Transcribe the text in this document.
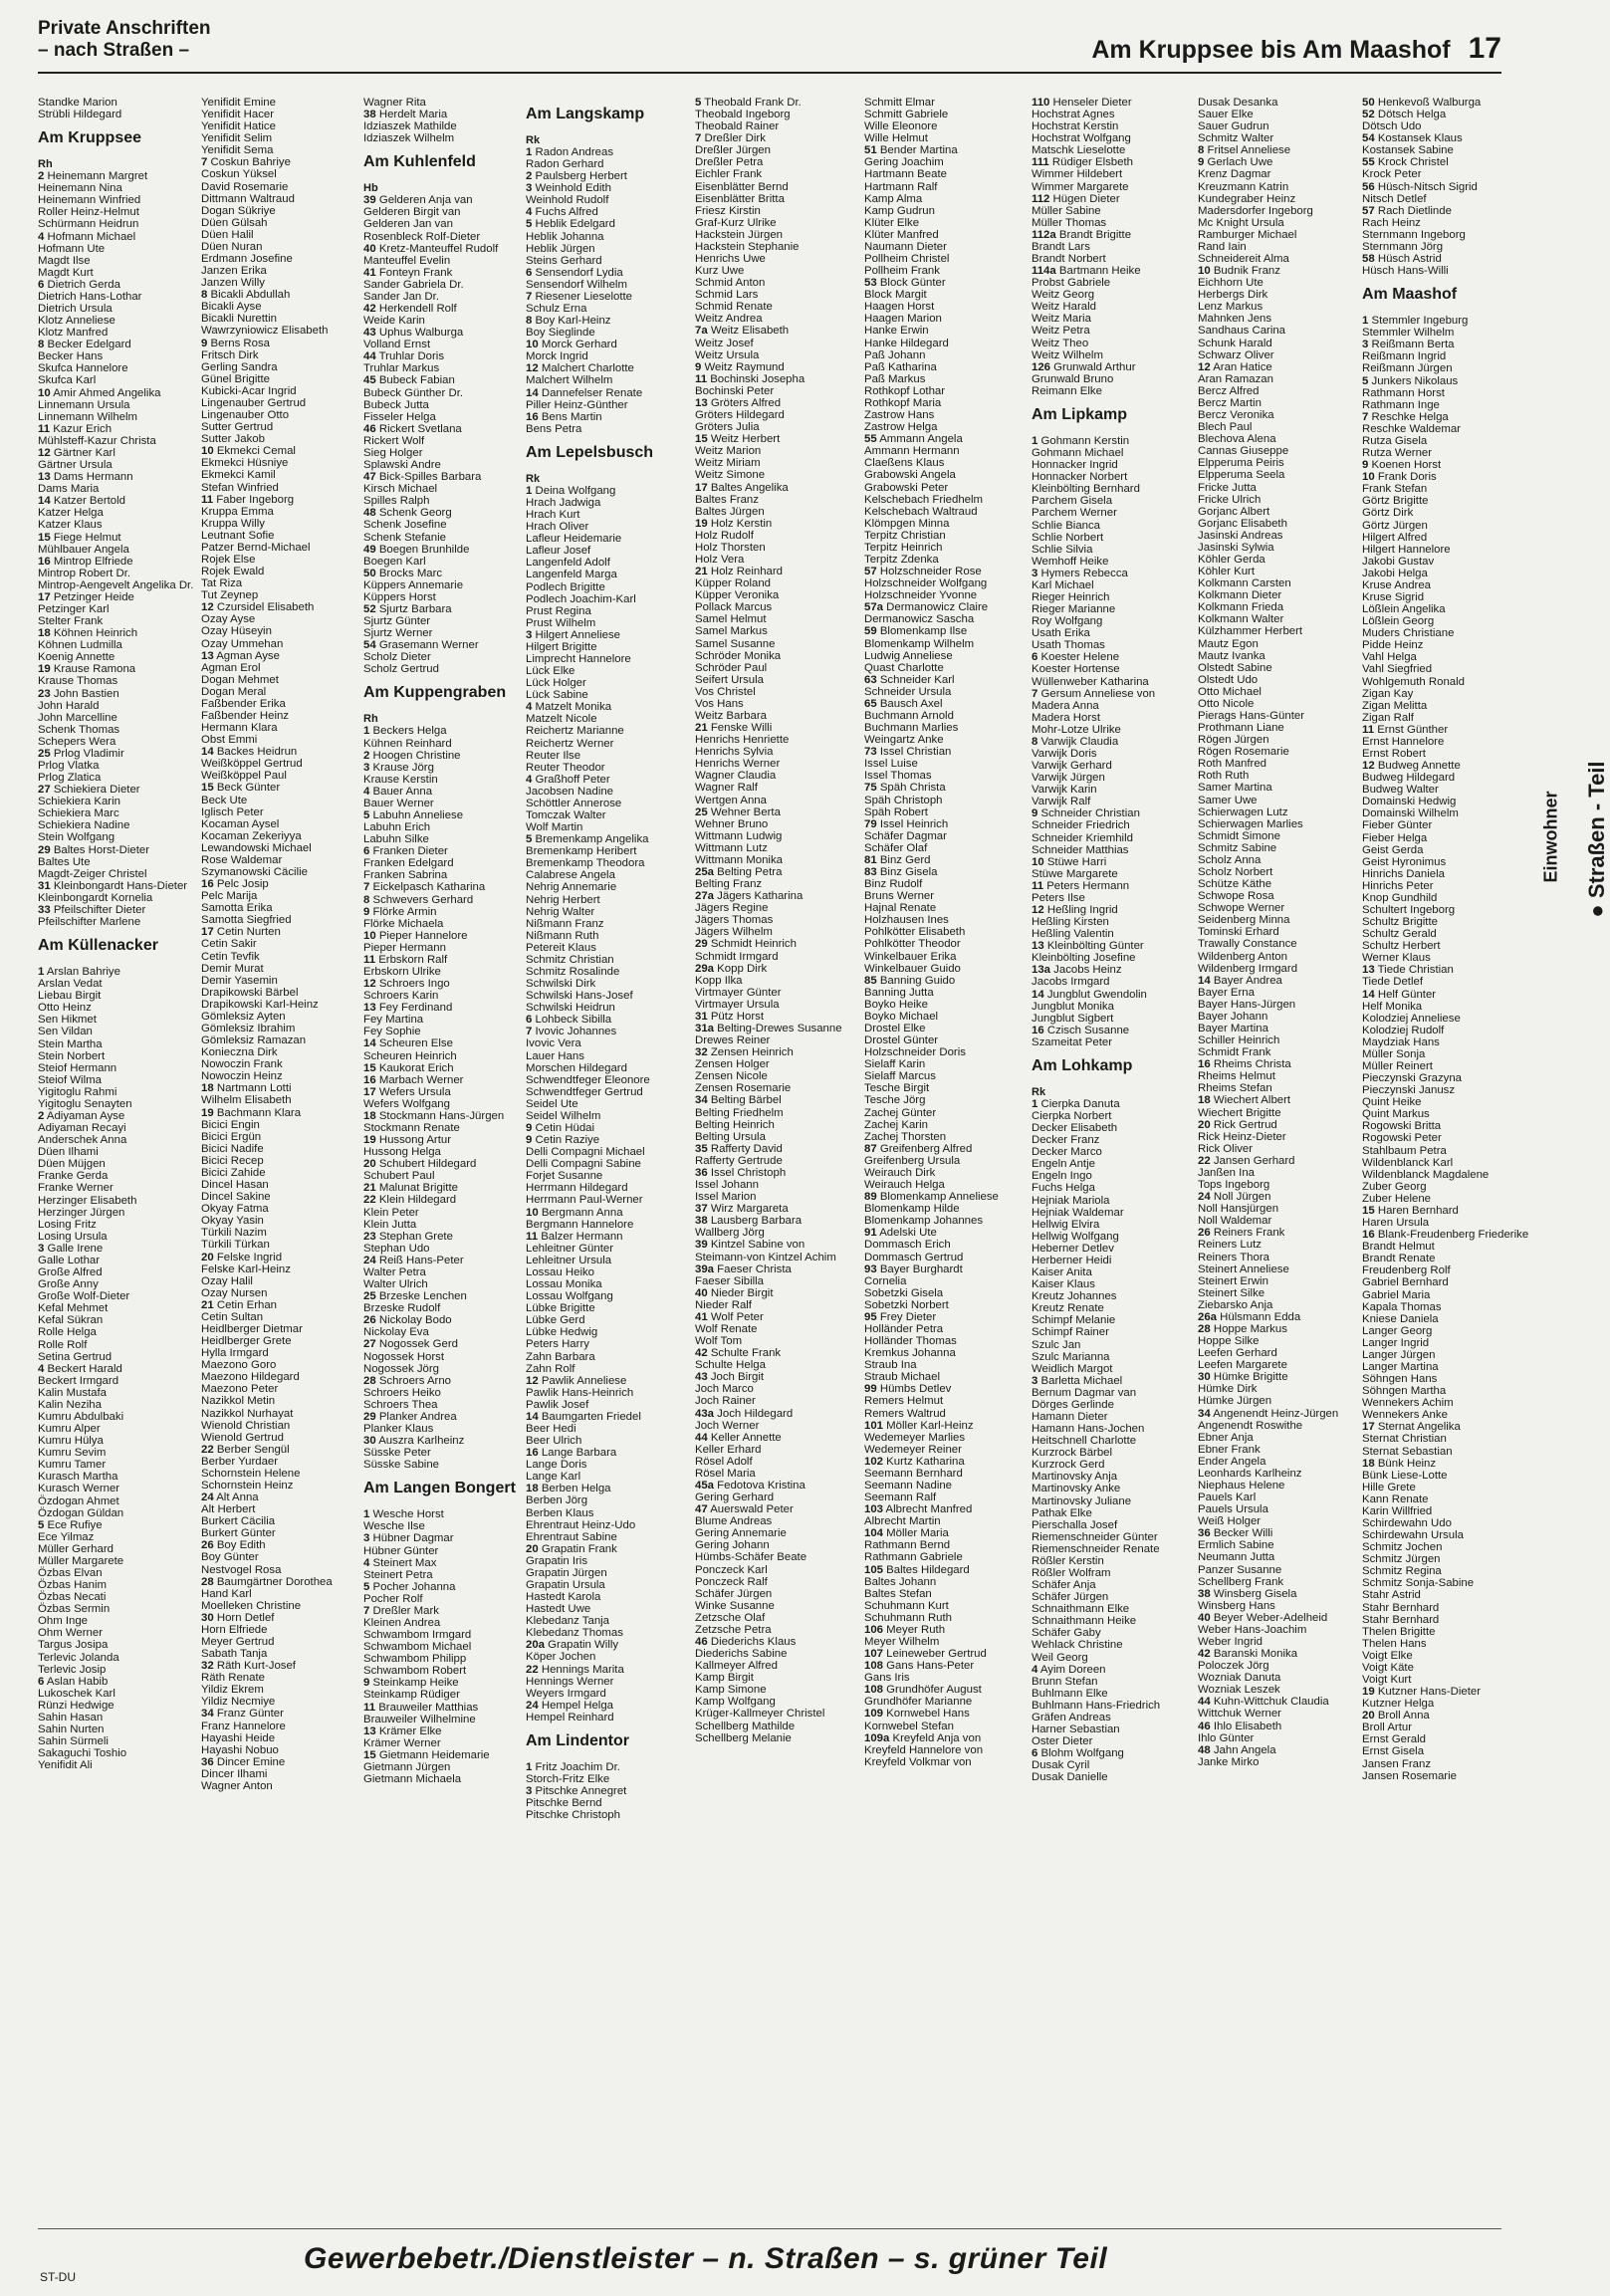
Private Anschriften
– nach Straßen –	Am Kruppsee bis Am Maashof 17
Standke Marion
Strübli Hildegard
Am Kruppsee
Rh
2 Heinemann Margret
Heinemann Nina
Heinemann Winfried
Roller Heinz-Helmut
Schürmann Heidrun
4 Hofmann Michael
Hofmann Ute
Magdt Ilse
Magdt Kurt
6 Dietrich Gerda
Dietrich Hans-Lothar
Dietrich Ursula
Klotz Anneliese
Klotz Manfred
8 Becker Edelgard
Becker Hans
Skufca Hannelore
Skufca Karl
10 Amir Ahmed Angelika
Linnemann Ursula
Linnemann Wilhelm
11 Kazur Erich
Mühlsteff-Kazur Christa
12 Gärtner Karl
Gärtner Ursula
13 Dams Hermann
Dams Maria
14 Katzer Bertold
Katzer Helga
Katzer Klaus
15 Fiege Helmut
Mühlbauer Angela
16 Mintrop Elfriede
Mintrop Robert Dr.
Mintrop-Aengevelt Angelika Dr.
17 Petzinger Heide
Petzinger Karl
Stelter Frank
18 Köhnen Heinrich
Köhnen Ludmilla
Koenig Annette
19 Krause Ramona
Krause Thomas
23 John Bastien
John Harald
John Marcelline
Schenk Thomas
Schepers Wera
25 Prlog Vladimir
Prlog Vlatka
Prlog Zlatica
27 Schiekiera Dieter
Schiekiera Karin
Schiekiera Marc
Schiekiera Nadine
Stein Wolfgang
29 Baltes Horst-Dieter
Baltes Ute
Magdt-Zeiger Christel
31 Kleinbongardt Hans-Dieter
Kleinbongardt Kornelia
33 Pfeilschifter Dieter
Pfeilschifter Marlene
Am Küllenacker
1 Arslan Bahriye
Arslan Vedat
Liebau Birgit
Otto Heinz
Sen Hikmet
Sen Vildan
Stein Martha
Stein Norbert
Steiof Hermann
Steiof Wilma
Yigitoglu Rahmi
Yigitoglu Senayten
2 Adiyaman Ayse
Adiyaman Recayi
Anderschek Anna
Düen Ilhami
Düen Müjgen
Franke Gerda
Franke Werner
Herzinger Elisabeth
Herzinger Jürgen
Losing Fritz
Losing Ursula
3 Galle Irene
Galle Lothar
Große Alfred
Große Anny
Große Wolf-Dieter
Kefal Mehmet
Kefal Sükran
Rolle Helga
Rolle Rolf
Setina Gertrud
4 Beckert Harald
Beckert Irmgard
Kalin Mustafa
Kalin Neziha
Kumru Abdulbaki
Kumru Alper
Kumru Hülya
Kumru Sevim
Kumru Tamer
Kurasch Martha
Kurasch Werner
Özdogan Ahmet
Özdogan Güldan
5 Ece Rufiye
Ece Yilmaz
Müller Gerhard
Müller Margarete
Özbas Elvan
Özbas Hanim
Özbas Necati
Özbas Sermin
Ohm Inge
Ohm Werner
Targus Josipa
Terlevic Jolanda
Terlevic Josip
6 Aslan Habib
Lukoschek Karl
Rünzi Hedwige
Sahin Hasan
Sahin Nurten
Sahin Sürmeli
Sakaguchi Toshio
Yenifidit Ali
Yenifidit Emine
Yenifidit Hacer
Yenifidit Hatice
Yenifidit Selim
Yenifidit Sema
7 Coskun Bahriye
Coskun Yüksel
David Rosemarie
Dittmann Waltraud
Dogan Sükriye
Düen Gülsah
Düen Halil
Düen Nuran
Erdmann Josefine
Janzen Erika
Janzen Willy
8 Bicakli Abdullah
Bicakli Ayse
Bicakli Nurettin
Wawrzyniowicz Elisabeth
9 Berns Rosa
Fritsch Dirk
Gerling Sandra
Günel Brigitte
Kubicki-Acar Ingrid
Lingenauber Gertrud
Lingenauber Otto
Sutter Gertrud
Sutter Jakob
10 Ekmekci Cemal
Ekmekci Hüsniye
Ekmekci Kamil
Stefan Winfried
11 Faber Ingeborg
Kruppa Emma
Kruppa Willy
Leutnant Sofie
Patzer Bernd-Michael
Rojek Else
Rojek Ewald
Tat Riza
Tut Zeynep
12 Czursidel Elisabeth
Ozay Ayse
Ozay Hüseyin
Ozay Ummehan
13 Agman Ayse
Agman Erol
Dogan Mehmet
Dogan Meral
Faßbender Erika
Faßbender Heinz
Hermann Klara
Obst Emmi
14 Backes Heidrun
Weißköppel Gertrud
Weißköppel Paul
15 Beck Günter
Beck Ute
Iglisch Peter
Kocaman Aysel
Kocaman Zekeriyya
Lewandowski Michael
Rose Waldemar
Szymanowski Cäcilie
16 Pelc Josip
Pelc Marija
Samotta Erika
Samotta Siegfried
17 Cetin Nurten
Cetin Sakir
Cetin Tevfik
Demir Murat
Demir Yasemin
Drapikowski Bärbel
Drapikowski Karl-Heinz
Gömleksiz Ayten
Gömleksiz Ibrahim
Gömleksiz Ramazan
Konieczna Dirk
Nowoczin Frank
Nowoczin Heinz
18 Nartmann Lotti
Wilhelm Elisabeth
19 Bachmann Klara
Bicici Engin
Bicici Ergün
Bicici Nadife
Bicici Recep
Bicici Zahide
Dincel Hasan
Dincel Sakine
Okyay Fatma
Okyay Yasin
Türkili Nazim
Türkili Türkan
20 Felske Ingrid
Felske Karl-Heinz
Ozay Halil
Ozay Nursen
21 Cetin Erhan
Cetin Sultan
Heidlberger Dietmar
Heidlberger Grete
Hylla Irmgard
Maezono Goro
Maezono Hildegard
Maezono Peter
Nazikkol Metin
Nazikkol Nurhayat
Wienold Christian
Wienold Gertrud
22 Berber Sengül
Berber Yurdaer
Schornstein Helene
Schornstein Heinz
24 Alt Anna
Alt Herbert
Burkert Cäcilia
Burkert Günter
26 Boy Edith
Boy Günter
Nestvogel Rosa
28 Baumgärtner Dorothea
Hand Karl
Moelleken Christine
30 Horn Detlef
Horn Elfriede
Meyer Gertrud
Sabath Tanja
32 Räth Kurt-Josef
Räth Renate
Yildiz Ekrem
Yildiz Necmiye
34 Franz Günter
Franz Hannelore
Hayashi Heide
Hayashi Nobuo
36 Dincer Emine
Dincer Ilhami
Wagner Anton
Wagner Rita
38 Herdelt Maria
Idziaszek Mathilde
Idziaszek Wilhelm
Am Kuhlenfeld
Hb
39 Gelderen Anja van
Gelderen Birgit van
Gelderen Jan van
Rosenbleck Rolf-Dieter
40 Kretz-Manteuffel Rudolf
Manteuffel Evelin
41 Fonteyn Frank
Sander Gabriela Dr.
Sander Jan Dr.
42 Herkendell Rolf
Weide Karin
43 Uphus Walburga
Volland Ernst
44 Truhlar Doris
Truhlar Markus
45 Bubeck Fabian
Bubeck Günther Dr.
Bubeck Jutta
Fisseler Helga
46 Rickert Svetlana
Rickert Wolf
Sieg Holger
Splawski Andre
47 Bick-Spilles Barbara
Kirsch Michael
Spilles Ralph
48 Schenk Georg
Schenk Josefine
Schenk Stefanie
49 Boegen Brunhilde
Boegen Karl
50 Brocks Marc
Küppers Annemarie
Küppers Horst
52 Sjurtz Barbara
Sjurtz Günter
Sjurtz Werner
54 Grasemann Werner
Scholz Dieter
Scholz Gertrud
Am Kuppengraben
Rh
1 Beckers Helga
Kühnen Reinhard
2 Hoogen Christine
3 Krause Jörg
Krause Kerstin
4 Bauer Anna
Bauer Werner
5 Labuhn Anneliese
Labuhn Erich
Labuhn Silke
6 Franken Dieter
Franken Edelgard
Franken Sabrina
7 Eickelpasch Katharina
8 Schwevers Gerhard
9 Flörke Armin
Flörke Michaela
10 Pieper Hannelore
Pieper Hermann
11 Erbskorn Ralf
Erbskorn Ulrike
12 Schroers Ingo
Schroers Karin
13 Fey Ferdinand
Fey Martina
Fey Sophie
14 Scheuren Else
Scheuren Heinrich
15 Kaukorat Erich
16 Marbach Werner
17 Wefers Ursula
Wefers Wolfgang
18 Stockmann Hans-Jürgen
Stockmann Renate
19 Hussong Artur
Hussong Helga
20 Schubert Hildegard
Schubert Paul
21 Malunat Brigitte
22 Klein Hildegard
Klein Peter
Klein Jutta
23 Stephan Grete
Stephan Udo
24 Reiß Hans-Peter
Walter Petra
Walter Ulrich
25 Brzeske Lenchen
Brzeske Rudolf
26 Nickolay Bodo
Nickolay Eva
27 Nogossek Gerd
Nogossek Horst
Nogossek Jörg
28 Schroers Arno
Schroers Heiko
Schroers Thea
29 Planker Andrea
Planker Klaus
30 Auszra Karlheinz
Süsske Peter
Süsske Sabine
Am Langen Bongert
1 Wesche Horst
Wesche Ilse
3 Hübner Dagmar
Hübner Günter
4 Steinert Max
Steinert Petra
5 Pocher Johanna
Pocher Rolf
7 Dreßler Mark
Kleinen Andrea
Schwambom Irmgard
Schwambom Michael
Schwambom Philipp
Schwambom Robert
9 Steinkamp Heike
Steinkamp Rüdiger
11 Brauweiler Matthias
Brauweiler Wilhelmine
13 Krämer Elke
Krämer Werner
15 Gietmann Heidemarie
Gietmann Jürgen
Gietmann Michaela
Am Langskamp
Rk
1 Radon Andreas
Radon Gerhard
2 Paulsberg Herbert
3 Weinhold Edith
Weinhold Rudolf
4 Fuchs Alfred
5 Heblik Edelgard
Heblik Johanna
Heblik Jürgen
Steins Gerhard
6 Sensendorf Lydia
Sensendorf Wilhelm
7 Riesener Lieselotte
Schulz Erna
8 Boy Karl-Heinz
Boy Sieglinde
10 Morck Gerhard
Morck Ingrid
12 Malchert Charlotte
Malchert Wilhelm
14 Dannefelser Renate
Piller Heinz-Günther
16 Bens Martin
Bens Petra
Am Lepelsbusch
Rk
1 Deina Wolfgang
Hrach Jadwiga
Hrach Kurt
Hrach Oliver
Lafleur Heidemarie
Lafleur Josef
Langenfeld Adolf
Langenfeld Marga
Podlech Brigitte
Podlech Joachim-Karl
Prust Regina
Prust Wilhelm
3 Hilgert Anneliese
Hilgert Brigitte
Limprecht Hannelore
Lück Elke
Lück Holger
Lück Sabine
4 Matzelt Monika
Matzelt Nicole
Reichertz Marianne
Reichertz Werner
Reuter Ilse
Reuter Theodor
4 Graßhoff Peter
Jacobsen Nadine
Schöttler Annerose
Tomczak Walter
Wolf Martin
5 Bremenkamp Angelika
Bremenkamp Heribert
Bremenkamp Theodora
Calabrese Angela
Nehrig Annemarie
Nehrig Herbert
Nehrig Walter
Nißmann Franz
Nißmann Ruth
Petereit Klaus
Schmitz Christian
Schmitz Rosalinde
Schwilski Dirk
Schwilski Hans-Josef
Schwilski Heidrun
6 Lohbeck Sibilla
7 Ivovic Johannes
Ivovic Vera
Lauer Hans
Morschen Hildegard
Schwendtfeger Eleonore
Schwendtfeger Gertrud
Seidel Ute
Seidel Wilhelm
9 Cetin Hüdai
9 Cetin Raziye
Delli Compagni Michael
Delli Compagni Sabine
Forjet Susanne
Herrmann Hildegard
Herrmann Paul-Werner
10 Bergmann Anna
Bergmann Hannelore
11 Balzer Hermann
Lehleitner Günter
Lehleitner Ursula
Lossau Heiko
Lossau Monika
Lossau Wolfgang
Lübke Brigitte
Lübke Gerd
Lübke Hedwig
Peters Harry
Zahn Barbara
Zahn Rolf
12 Pawlik Anneliese
Pawlik Hans-Heinrich
Pawlik Josef
14 Baumgarten Friedel
Beer Hedi
Beer Ulrich
16 Lange Barbara
Lange Doris
Lange Karl
18 Berben Helga
Berben Jörg
Berben Klaus
Ehrentraut Heinz-Udo
Ehrentraut Sabine
20 Grapatin Frank
Grapatin Iris
Grapatin Jürgen
Grapatin Ursula
Hastedt Karola
Hastedt Uwe
Klebedanz Tanja
Klebedanz Thomas
20a Grapatin Willy
Köper Jochen
22 Hennings Marita
Hennings Werner
Weyers Irmgard
24 Hempel Helga
Hempel Reinhard
Am Lindentor
1 Fritz Joachim Dr.
Storch-Fritz Elke
3 Pitschke Annegret
Pitschke Bernd
Pitschke Christoph
5 Theobald Frank Dr.
Theobald Ingeborg
Theobald Rainer
7 Dreßler Dirk
Dreßler Jürgen
Dreßler Petra
Eichler Frank
Eisenblätter Bernd
Eisenblätter Britta
Friesz Kirstin
Graf-Kurz Ulrike
Hackstein Jürgen
Hackstein Stephanie
Henrichs Uwe
Kurz Uwe
Schmid Anton
Schmid Lars
Schmid Renate
Weitz Andrea
7a Weitz Elisabeth
Weitz Josef
Weitz Ursula
9 Weitz Raymund
11 Bochinski Josepha
Bochinski Peter
13 Gröters Alfred
Gröters Hildegard
Gröters Julia
15 Weitz Herbert
Weitz Marion
Weitz Miriam
Weitz Simone
17 Baltes Angelika
Baltes Franz
Baltes Jürgen
19 Holz Kerstin
Holz Rudolf
Holz Thorsten
Holz Vera
21 Holz Reinhard
Küpper Roland
Küpper Veronika
Pollack Marcus
Samel Helmut
Samel Markus
Samel Susanne
Schröder Monika
Schröder Paul
Seifert Ursula
Vos Christel
Vos Hans
Weitz Barbara
21 Fenske Willi
Henrichs Henriette
Henrichs Sylvia
Henrichs Werner
Wagner Claudia
Wagner Ralf
Wertgen Anna
25 Wehner Berta
Wehner Bruno
Wittmann Ludwig
Wittmann Lutz
Wittmann Monika
25a Belting Petra
Belting Franz
27a Jägers Katharina
Jägers Regine
Jägers Thomas
Jägers Wilhelm
29 Schmidt Heinrich
Schmidt Irmgard
29a Kopp Dirk
Kopp Ilka
Virtmayer Günter
Virtmayer Ursula
31 Pütz Horst
31a Belting-Drewes Susanne
Drewes Reiner
32 Zensen Heinrich
Zensen Holger
Zensen Nicole
Zensen Rosemarie
34 Belting Bärbel
Belting Friedhelm
Belting Heinrich
Belting Ursula
35 Rafferty David
Rafferty Gertrude
36 Issel Christoph
Issel Johann
Issel Marion
37 Wirz Margareta
38 Lausberg Barbara
Wallberg Jörg
39 Kintzel Sabine von
Steimann-von Kintzel Achim
39a Faeser Christa
Faeser Sibilla
40 Nieder Birgit
Nieder Ralf
41 Wolf Peter
Wolf Renate
Wolf Tom
42 Schulte Frank
Schulte Helga
43 Joch Birgit
Joch Marco
Joch Rainer
43a Joch Hildegard
Joch Werner
44 Keller Annette
Keller Erhard
Rösel Adolf
Rösel Maria
45a Fedotova Kristina
Gering Gerhard
47 Auerswald Peter
Blume Andreas
Gering Annemarie
Gering Johann
Hümbs-Schäfer Beate
Ponczeck Karl
Ponczeck Ralf
Schäfer Jürgen
Winke Susanne
Zetzsche Olaf
Zetzsche Petra
46 Diederichs Klaus
Diederichs Sabine
Kallmeyer Alfred
Kamp Birgit
Kamp Simone
Kamp Wolfgang
Krüger-Kallmeyer Christel
Schellberg Mathilde
Schellberg Melanie
Schmitt Elmar
Schmitt Gabriele
Wille Eleonore
Wille Helmut
51 Bender Martina
Gering Joachim
Hartmann Beate
Hartmann Ralf
Kamp Alma
Kamp Gudrun
Klüter Elke
Klüter Manfred
Naumann Dieter
Pollheim Christel
Pollheim Frank
53 Block Günter
Block Margit
Haagen Horst
Haagen Marion
Hanke Erwin
Hanke Hildegard
Paß Johann
Paß Katharina
Paß Markus
Rothkopf Lothar
Rothkopf Maria
Zastrow Hans
Zastrow Helga
55 Ammann Angela
Ammann Hermann
Claeßens Klaus
Grabowski Angela
Grabowski Peter
Kelschebach Friedhelm
Kelschebach Waltraud
Klömpgen Minna
Terpitz Christian
Terpitz Heinrich
Terpitz Zdenka
57 Holzschneider Rose
Holzschneider Wolfgang
Holzschneider Yvonne
57a Dermanowicz Claire
Dermanowicz Sascha
59 Blomenkamp Ilse
Blomenkamp Wilhelm
Ludwig Anneliese
Quast Charlotte
63 Schneider Karl
Schneider Ursula
65 Bausch Axel
Buchmann Arnold
Buchmann Marlies
Weingartz Anke
73 Issel Christian
Issel Luise
Issel Thomas
75 Späh Christa
Späh Christoph
Späh Robert
79 Issel Heinrich
Schäfer Dagmar
Schäfer Olaf
81 Binz Gerd
83 Binz Gisela
Binz Rudolf
Bruns Werner
Hajnal Renate
Holzhausen Ines
Pohlkötter Elisabeth
Pohlkötter Theodor
Winkelbauer Erika
Winkelbauer Guido
85 Banning Guido
Banning Jutta
Boyko Heike
Boyko Michael
Drostel Elke
Drostel Günter
Holzschneider Doris
Sielaff Karin
Sielaff Marcus
Tesche Birgit
Tesche Jörg
Zachej Günter
Zachej Karin
Zachej Thorsten
87 Greifenberg Alfred
Greifenberg Ursula
Weirauch Dirk
Weirauch Helga
89 Blomenkamp Anneliese
Blomenkamp Hilde
Blomenkamp Johannes
91 Adelski Ute
Dommasch Erich
Dommasch Gertrud
93 Bayer Burghardt
Cornelia
Sobetzki Gisela
Sobetzki Norbert
95 Frey Dieter
Holländer Petra
Holländer Thomas
Kremkus Johanna
Straub Ina
Straub Michael
99 Hümbs Detlev
Remers Helmut
Remers Waltrud
101 Möller Karl-Heinz
Wedemeyer Marlies
Wedemeyer Reiner
102 Kurtz Katharina
Seemann Bernhard
Seemann Nadine
Seemann Ralf
103 Albrecht Manfred
Albrecht Martin
104 Möller Maria
Rathmann Bernd
Rathmann Gabriele
105 Baltes Hildegard
Baltes Johann
Baltes Stefan
Schuhmann Kurt
Schuhmann Ruth
106 Meyer Ruth
Meyer Wilhelm
107 Leineweber Gertrud
108 Gans Hans-Peter
Gans Iris
108 Grundhöfer August
Grundhöfer Marianne
109 Kornwebel Hans
Kornwebel Stefan
109a Kreyfeld Anja von
Kreyfeld Hannelore von
Kreyfeld Volkmar von
110 Henseler Dieter
Hochstrat Agnes
Hochstrat Kerstin
Hochstrat Wolfgang
Matschk Lieselotte
111 Rüdiger Elsbeth
Wimmer Hildebert
Wimmer Margarete
112 Hügen Dieter
Müller Sabine
Müller Thomas
112a Brandt Brigitte
Brandt Lars
Brandt Norbert
114a Bartmann Heike
Probst Gabriele
Weitz Georg
Weitz Harald
Weitz Maria
Weitz Petra
Weitz Theo
Weitz Wilhelm
126 Grunwald Arthur
Grunwald Bruno
Reimann Elke
Am Lipkamp
1 Gohmann Kerstin
Gohmann Michael
Honnacker Ingrid
Honnacker Norbert
Kleinbölting Bernhard
Parchem Gisela
Parchem Werner
Schlie Bianca
Schlie Norbert
Schlie Silvia
Wemhoff Heike
3 Hymers Rebecca
Karl Michael
Rieger Heinrich
Rieger Marianne
Roy Wolfgang
Usath Erika
Usath Thomas
6 Koester Helene
Koester Hortense
Wüllenweber Katharina
7 Gersum Anneliese von
Madera Anna
Madera Horst
Mohr-Lotze Ulrike
8 Varwijk Claudia
Varwijk Doris
Varwijk Gerhard
Varwijk Jürgen
Varwijk Karin
Varwijk Ralf
9 Schneider Christian
Schneider Friedrich
Schneider Kriemhild
Schneider Matthias
10 Stüwe Harri
Stüwe Margarete
11 Peters Hermann
Peters Ilse
12 Heßling Ingrid
Heßling Kirsten
Heßling Valentin
13 Kleinbölting Günter
Kleinbölting Josefine
13a Jacobs Heinz
Jacobs Irmgard
14 Jungblut Gwendolin
Jungblut Monika
Jungblut Sigbert
16 Czisch Susanne
Szameitat Peter
Am Lohkamp
Rk
1 Cierpka Danuta
Cierpka Norbert
Decker Elisabeth
Decker Franz
Decker Marco
Engeln Antje
Engeln Ingo
Fuchs Helga
Hejniak Mariola
Hejniak Waldemar
Hellwig Elvira
Hellwig Wolfgang
Heberner Detlev
Herberner Heidi
Kaiser Anita
Kaiser Klaus
Kreutz Johannes
Kreutz Renate
Schimpf Melanie
Schimpf Rainer
Szulc Jan
Szulc Marianna
Weidlich Margot
3 Barletta Michael
Bernum Dagmar van
Dörges Gerlinde
Hamann Dieter
Hamann Hans-Jochen
Heitschnell Charlotte
Kurzrock Bärbel
Kurzrock Gerd
Martinovsky Anja
Martinovsky Anke
Martinovsky Juliane
Pathak Elke
Pierschalla Josef
Riemenschneider Günter
Riemenschneider Renate
Rößler Kerstin
Rößler Wolfram
Schäfer Anja
Schäfer Jürgen
Schnaithmann Elke
Schnaithmann Heike
Schäfer Gaby
Wehlack Christine
Weil Georg
4 Ayim Doreen
Brunn Stefan
Buhlmann Elke
Buhlmann Hans-Friedrich
Gräfen Andreas
Harner Sebastian
Oster Dieter
6 Blohm Wolfgang
Dusak Cyril
Dusak Danielle
Dusak Desanka
Sauer Elke
Sauer Gudrun
Schmitz Walter
8 Fritsel Anneliese
9 Gerlach Uwe
Krenz Dagmar
Kreuzmann Katrin
Kundegraber Heinz
Madersdorfer Ingeborg
Mc Knight Ursula
Ramburger Michael
Rand Iain
Schneidereit Alma
10 Budnik Franz
Eichhorn Ute
Herbergs Dirk
Lenz Markus
Mahnken Jens
Sandhaus Carina
Schunk Harald
Schwarz Oliver
12 Aran Hatice
Aran Ramazan
Bercz Alfred
Bercz Martin
Bercz Veronika
Blech Paul
Blechova Alena
Cannas Giuseppe
Elpperuma Peiris
Elpperuma Seela
Fricke Jutta
Fricke Ulrich
Gorjanc Albert
Gorjanc Elisabeth
Jasinski Andreas
Jasinski Sylwia
Köhler Gerda
Köhler Kurt
Kolkmann Carsten
Kolkmann Dieter
Kolkmann Frieda
Kolkmann Walter
Külzhammer Herbert
Mautz Egon
Mautz Ivanka
Olstedt Sabine
Olstedt Udo
Otto Michael
Otto Nicole
Pierags Hans-Günter
Prothmann Liane
Rögen Jürgen
Rögen Rosemarie
Roth Manfred
Roth Ruth
Samer Martina
Samer Uwe
Schierwagen Lutz
Schierwagen Marlies
Schmidt Simone
Schmitz Sabine
Scholz Anna
Scholz Norbert
Schütze Käthe
Schwope Rosa
Schwope Werner
Seidenberg Minna
Tominski Erhard
Trawally Constance
Wildenberg Anton
Wildenberg Irmgard
14 Bayer Andrea
Bayer Erna
Bayer Hans-Jürgen
Bayer Johann
Bayer Martina
Schiller Heinrich
Schmidt Frank
16 Rheims Christa
Rheims Helmut
Rheims Stefan
18 Wiechert Albert
Wiechert Brigitte
20 Rick Gertrud
Rick Heinz-Dieter
Rick Oliver
22 Jansen Gerhard
Janßen Ina
Tops Ingeborg
24 Noll Jürgen
Noll Hansjürgen
Noll Waldemar
26 Reiners Frank
Reiners Lutz
Reiners Thora
Steinert Anneliese
Steinert Erwin
Steinert Silke
Ziebarsko Anja
26a Hülsmann Edda
28 Hoppe Markus
Hoppe Silke
Leefen Gerhard
Leefen Margarete
30 Hümke Brigitte
Hümke Dirk
Hümke Jürgen
34 Angenendt Heinz-Jürgen
Angenendt Roswithe
Ebner Anja
Ebner Frank
Ender Angela
Leonhards Karlheinz
Niephaus Helene
Pauels Karl
Pauels Ursula
Weiß Holger
36 Becker Willi
Ermlich Sabine
Neumann Jutta
Panzer Susanne
Schellberg Frank
38 Winsberg Gisela
Winsberg Hans
40 Beyer Weber-Adelheid
Weber Hans-Joachim
Weber Ingrid
42 Baranski Monika
Poloczek Jörg
Wozniak Danuta
Wozniak Leszek
44 Kuhn-Wittchuk Claudia
Wittchuk Werner
46 Ihlo Elisabeth
Ihlo Günter
48 Jahn Angela
Janke Mirko
50 Henkevoß Walburga
52 Dötsch Helga
Dötsch Udo
54 Kostansek Klaus
Kostansek Sabine
55 Krock Christel
Krock Peter
56 Hüsch-Nitsch Sigrid
Nitsch Detlef
57 Rach Dietlinde
Rach Heinz
Sternmann Ingeborg
Sternmann Jörg
58 Hüsch Astrid
Hüsch Hans-Willi
Am Maashof
1 Stemmler Ingeburg
Stemmler Wilhelm
3 Reißmann Berta
Reißmann Ingrid
Reißmann Jürgen
5 Junkers Nikolaus
Rathmann Horst
Rathmann Inge
7 Reschke Helga
Reschke Waldemar
Rutza Gisela
Rutza Werner
9 Koenen Horst
10 Frank Doris
Frank Stefan
Görtz Brigitte
Görtz Dirk
Görtz Jürgen
Hilgert Alfred
Hilgert Hannelore
Jakobi Gustav
Jakobi Helga
Kruse Andrea
Kruse Sigrid
Lößlein Angelika
Lößlein Georg
Muders Christiane
Pidde Heinz
Vahl Helga
Vahl Siegfried
Wohlgemuth Ronald
Zigan Kay
Zigan Melitta
Zigan Ralf
11 Ernst Günther
Ernst Hannelore
Ernst Robert
12 Budweg Annette
Budweg Hildegard
Budweg Walter
Domainski Hedwig
Domainski Wilhelm
Fieber Günter
Fieber Helga
Geist Gerda
Geist Hyronimus
Hinrichs Daniela
Hinrichs Peter
Knop Gundhild
Schultert Ingeborg
Schultz Brigitte
Schultz Gerald
Schultz Herbert
Werner Klaus
13 Tiede Christian
Tiede Detlef
14 Helf Günter
Helf Monika
Kolodziej Anneliese
Kolodziej Rudolf
Maydziak Hans
Müller Sonja
Müller Reinert
Pieczynski Grazyna
Pieczynski Janusz
Quint Heike
Quint Markus
Rogowski Britta
Rogowski Peter
Stahlbaum Petra
Wildenblanck Karl
Wildenblanck Magdalene
Zuber Georg
Zuber Helene
15 Haren Bernhard
Haren Ursula
16 Blank-Freudenberg Friederike
Brandt Helmut
Brandt Renate
Freudenberg Rolf
Gabriel Bernhard
Gabriel Maria
Kapala Thomas
Kniese Daniela
Langer Georg
Langer Ingrid
Langer Jürgen
Langer Martina
Söhngen Hans
Söhngen Martha
Wennekers Achim
Wennekers Anke
17 Sternat Angelika
Sternat Christian
Sternat Sebastian
18 Bünk Heinz
Bünk Liese-Lotte
Hille Grete
Kann Renate
Karin Willfried
Schirdewahn Udo
Schirdewahn Ursula
Schmitz Jochen
Schmitz Jürgen
Schmitz Regina
Schmitz Sonja-Sabine
Stahr Astrid
Stahr Bernhard
Stahr Bernhard
Thelen Brigitte
Thelen Hans
Voigt Elke
Voigt Käte
Voigt Kurt
19 Kutzner Hans-Dieter
Kutzner Helga
20 Broll Anna
Broll Artur
Ernst Gerald
Ernst Gisela
Jansen Franz
Jansen Rosemarie
Einwohner ● Straßen - Teil
ST-DU
Gewerbebetr./Dienstleister – n. Straßen – s. grüner Teil
